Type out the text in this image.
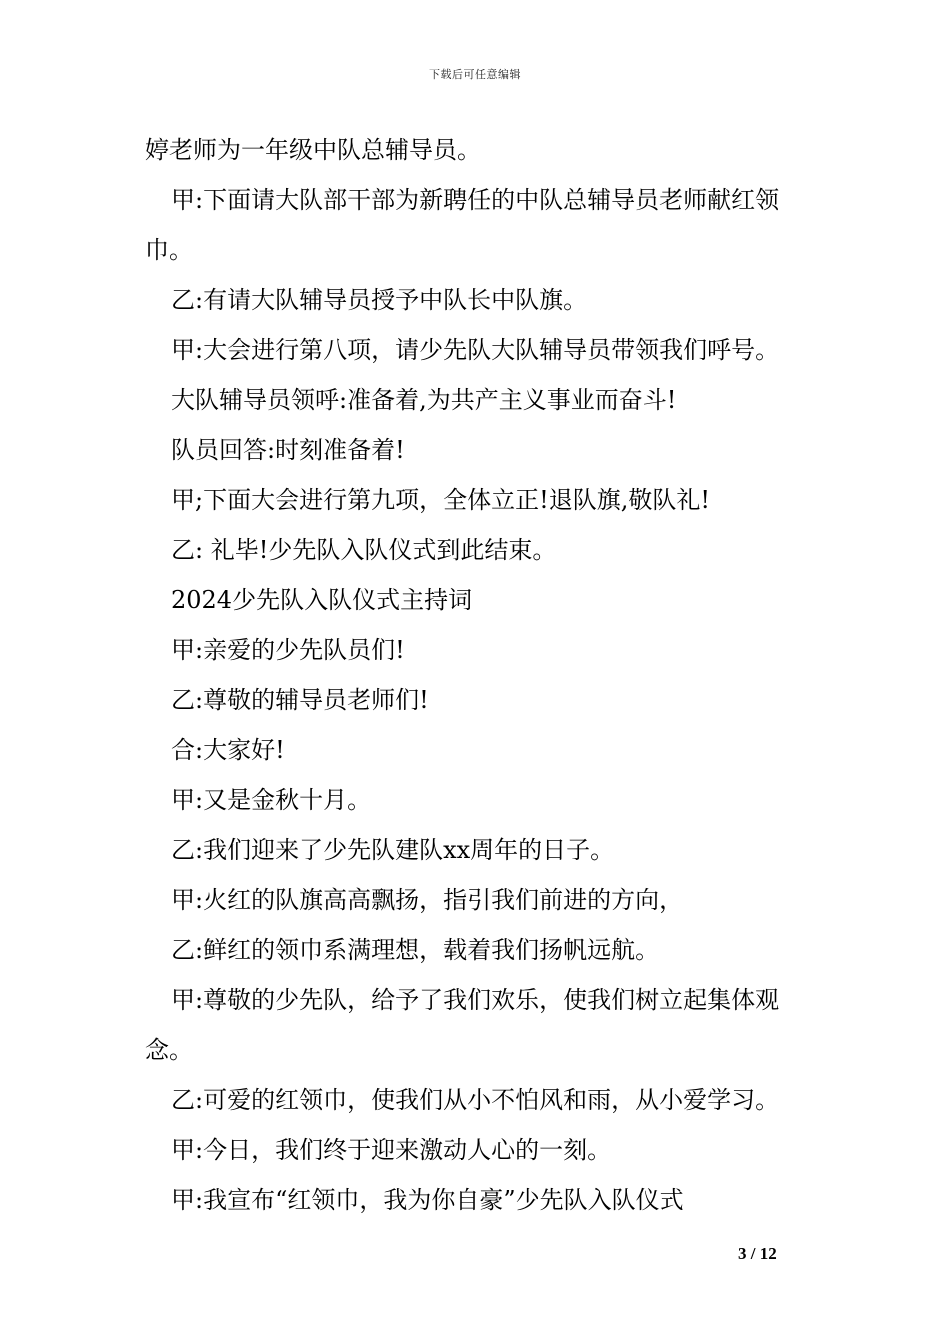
下载后可任意编辑

婷老师为一年级中队总辅导员。

甲:下面请大队部干部为新聘任的中队总辅导员老师献红领巾。

乙:有请大队辅导员授予中队长中队旗。

甲:大会进行第八项，请少先队大队辅导员带领我们呼号。

大队辅导员领呼:准备着,为共产主义事业而奋斗!

队员回答:时刻准备着!

甲;下面大会进行第九项，全体立正!退队旗,敬队礼!

乙: 礼毕!少先队入队仪式到此结束。

2024少先队入队仪式主持词

甲:亲爱的少先队员们!

乙:尊敬的辅导员老师们!

合:大家好!

甲:又是金秋十月。

乙:我们迎来了少先队建队xx周年的日子。

甲:火红的队旗高高飘扬，指引我们前进的方向，

乙:鲜红的领巾系满理想，载着我们扬帆远航。

甲:尊敬的少先队，给予了我们欢乐，使我们树立起集体观念。

乙:可爱的红领巾，使我们从小不怕风和雨，从小爱学习。

甲:今日，我们终于迎来激动人心的一刻。

甲:我宣布“红领巾，我为你自豪”少先队入队仪式

3 / 12
